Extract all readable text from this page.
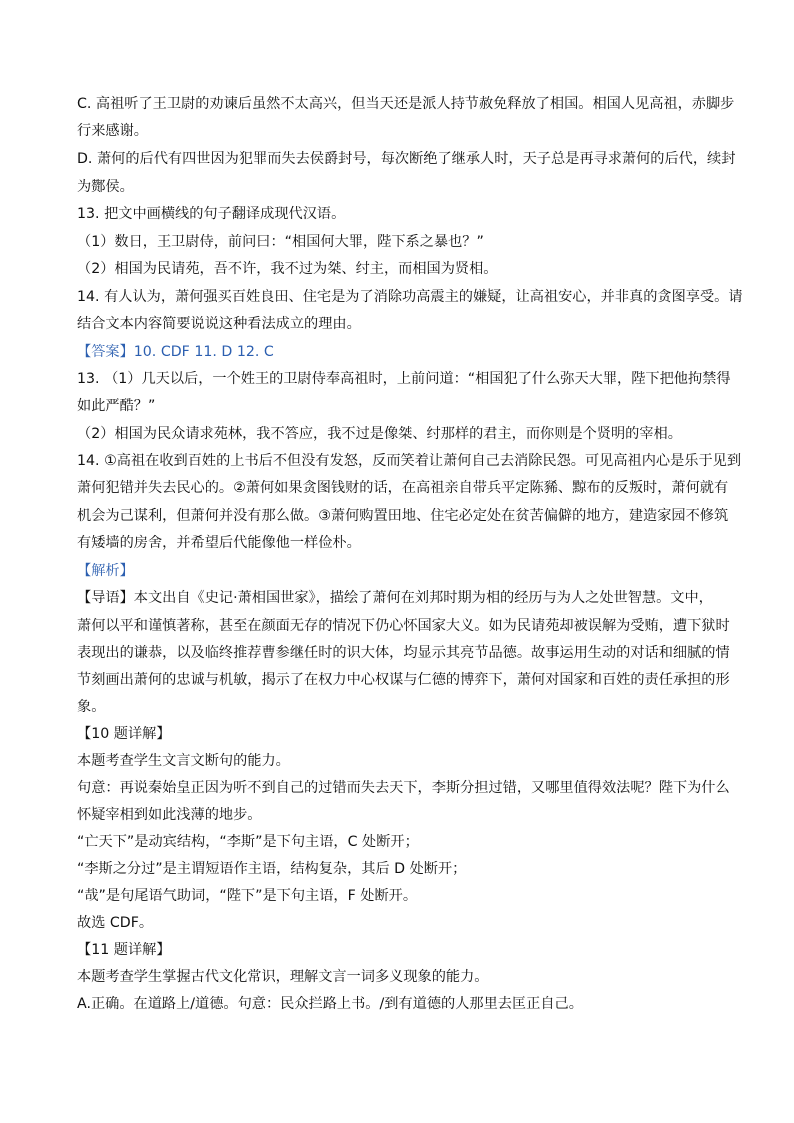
C. 高祖听了王卫尉的劝谏后虽然不太高兴，但当天还是派人持节赦免释放了相国。相国人见高祖，赤脚步
行来感谢。
D. 萧何的后代有四世因为犯罪而失去侯爵封号，每次断绝了继承人时，天子总是再寻求萧何的后代，续封
为酂侯。
13. 把文中画横线的句子翻译成现代汉语。
（1）数日，王卫尉侍，前问曰：“相国何大罪，陛下系之暴也？”
（2）相国为民请苑，吾不许，我不过为桀、纣主，而相国为贤相。
14. 有人认为，萧何强买百姓良田、住宅是为了消除功高震主的嫌疑，让高祖安心，并非真的贪图享受。请
结合文本内容简要说说这种看法成立的理由。
【答案】10. CDF 11. D 12. C
13. （1）几天以后，一个姓王的卫尉侍奉高祖时，上前问道：“相国犯了什么弥天大罪，陛下把他拘禁得
如此严酷？”
（2）相国为民众请求苑林，我不答应，我不过是像桀、纣那样的君主，而你则是个贤明的宰相。
14. ①高祖在收到百姓的上书后不但没有发怒，反而笑着让萧何自己去消除民怨。可见高祖内心是乐于见到
萧何犯错并失去民心的。②萧何如果贪图钱财的话，在高祖亲自带兵平定陈豨、黥布的反叛时，萧何就有
机会为己谋利，但萧何并没有那么做。③萧何购置田地、住宅必定处在贫苦偏僻的地方，建造家园不修筑
有矮墙的房舍，并希望后代能像他一样俭朴。
【解析】
【导语】本文出自《史记·萧相国世家》，描绘了萧何在刘邦时期为相的经历与为人之处世智慧。文中，
萧何以平和谨慎著称，甚至在颜面无存的情况下仍心怀国家大义。如为民请苑却被误解为受贿，遭下狱时
表现出的谦恭，以及临终推荐曹参继任时的识大体，均显示其亮节品德。故事运用生动的对话和细腻的情
节刻画出萧何的忠诚与机敏，揭示了在权力中心权谋与仁德的博弈下，萧何对国家和百姓的责任承担的形
象。
【10 题详解】
本题考查学生文言文断句的能力。
句意：再说秦始皇正因为听不到自己的过错而失去天下，李斯分担过错，又哪里值得效法呢？陛下为什么
怀疑宰相到如此浅薄的地步。
“亡天下”是动宾结构，“李斯”是下句主语，C 处断开；
“李斯之分过”是主谓短语作主语，结构复杂，其后 D 处断开；
“哉”是句尾语气助词，“陛下”是下句主语，F 处断开。
故选 CDF。
【11 题详解】
本题考查学生掌握古代文化常识，理解文言一词多义现象的能力。
A.正确。在道路上/道德。句意：民众拦路上书。/到有道德的人那里去匡正自己。
